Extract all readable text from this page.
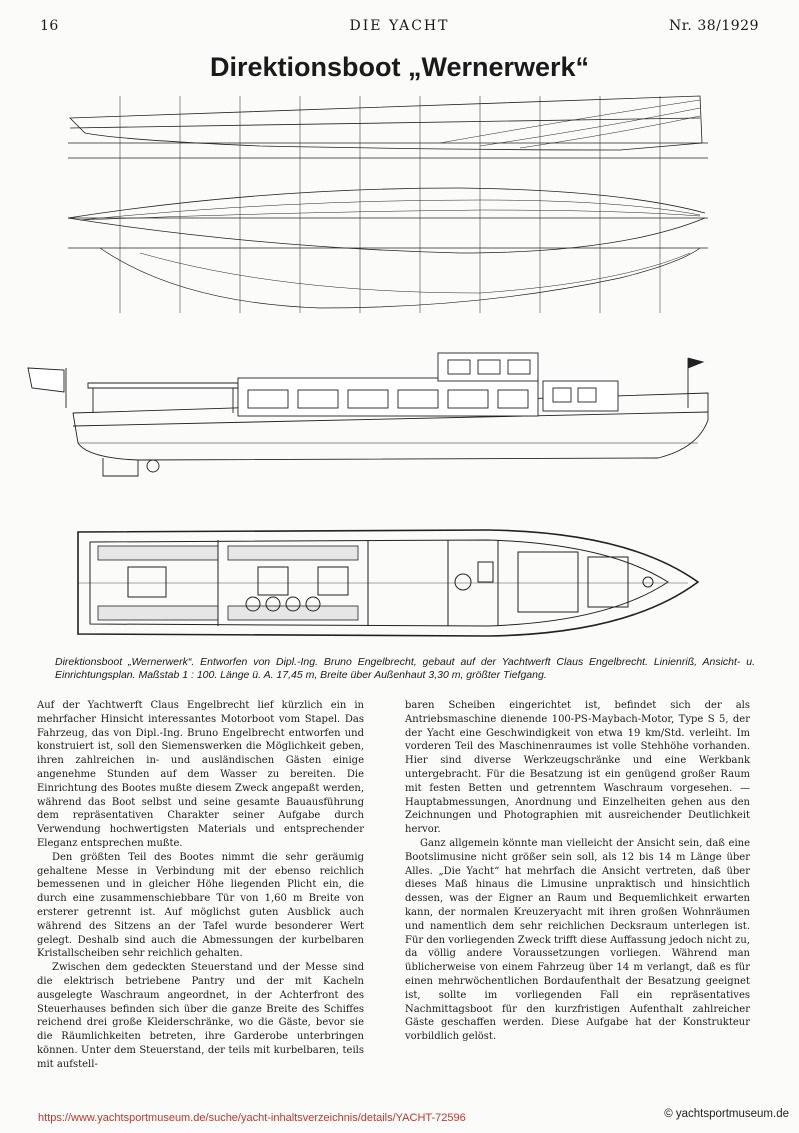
16	DIE YACHT	Nr. 38/1929
Direktionsboot „Wernerwerk“
Direktionsboot „Wernerwerk“. Entworfen von Dipl.-Ing. Bruno Engelbrecht, gebaut auf der Yachtwerft Claus Engelbrecht. Linienriß, Ansicht- u. Einrichtungsplan. Maßstab 1 : 100. Länge ü. A. 17,45 m, Breite über Außenhaut 3,30 m, größter Tiefgang.

Auf der Yachtwerft Claus Engelbrecht lief kürzlich ein in mehrfacher Hinsicht interessantes Motorboot vom Stapel. Das Fahrzeug, das von Dipl.-Ing. Bruno Engelbrecht entworfen und konstruiert ist, soll den Siemenswerken die Möglichkeit geben, ihren zahlreichen in- und ausländischen Gästen einige angenehme Stunden auf dem Wasser zu bereiten. Die Einrichtung des Bootes mußte diesem Zweck angepaßt werden, während das Boot selbst und seine gesamte Bauausführung dem repräsentativen Charakter seiner Aufgabe durch Verwendung hochwertigsten Materials und entsprechender Eleganz entsprechen mußte.

Den größten Teil des Bootes nimmt die sehr geräumig gehaltene Messe in Verbindung mit der ebenso reichlich bemessenen und in gleicher Höhe liegenden Plicht ein, die durch eine zusammenschiebbare Tür von 1,60 m Breite von ersterer getrennt ist. Auf möglichst guten Ausblick auch während des Sitzens an der Tafel wurde besonderer Wert gelegt. Deshalb sind auch die Abmessungen der kurbelbaren Kristallscheiben sehr reichlich gehalten.

Zwischen dem gedeckten Steuerstand und der Messe sind die elektrisch betriebene Pantry und der mit Kacheln ausgelegte Waschraum angeordnet, in der Achterfront des Steuerhauses befinden sich über die ganze Breite des Schiffes reichend drei große Kleiderschränke, wo die Gäste, bevor sie die Räumlichkeiten betreten, ihre Garderobe unterbringen können. Unter dem Steuerstand, der teils mit kurbelbaren, teils mit aufstell-

baren Scheiben eingerichtet ist, befindet sich der als Antriebsmaschine dienende 100-PS-Maybach-Motor, Type S 5, der der Yacht eine Geschwindigkeit von etwa 19 km/Std. verleiht. Im vorderen Teil des Maschinenraumes ist volle Stehhöhe vorhanden. Hier sind diverse Werkzeugschränke und eine Werkbank untergebracht. Für die Besatzung ist ein genügend großer Raum mit festen Betten und getrenntem Waschraum vorgesehen. — Hauptabmessungen, Anordnung und Einzelheiten gehen aus den Zeichnungen und Photographien mit ausreichender Deutlichkeit hervor.

Ganz allgemein könnte man vielleicht der Ansicht sein, daß eine Bootslimusine nicht größer sein soll, als 12 bis 14 m Länge über Alles. „Die Yacht“ hat mehrfach die Ansicht vertreten, daß über dieses Maß hinaus die Limusine unpraktisch und hinsichtlich dessen, was der Eigner an Raum und Bequemlichkeit erwarten kann, der normalen Kreuzeryacht mit ihren großen Wohnräumen und namentlich dem sehr reichlichen Decksraum unterlegen ist. Für den vorliegenden Zweck trifft diese Auffassung jedoch nicht zu, da völlig andere Voraussetzungen vorliegen. Während man üblicherweise von einem Fahrzeug über 14 m verlangt, daß es für einen mehrwöchentlichen Bordaufenthalt der Besatzung geeignet ist, sollte im vorliegenden Fall ein repräsentatives Nachmittagsboot für den kurzfristigen Aufenthalt zahlreicher Gäste geschaffen werden. Diese Aufgabe hat der Konstrukteur vorbildlich gelöst.

https://www.yachtsportmuseum.de/suche/yacht-inhaltsverzeichnis/details/YACHT-72596	© yachtsportmuseum.de
